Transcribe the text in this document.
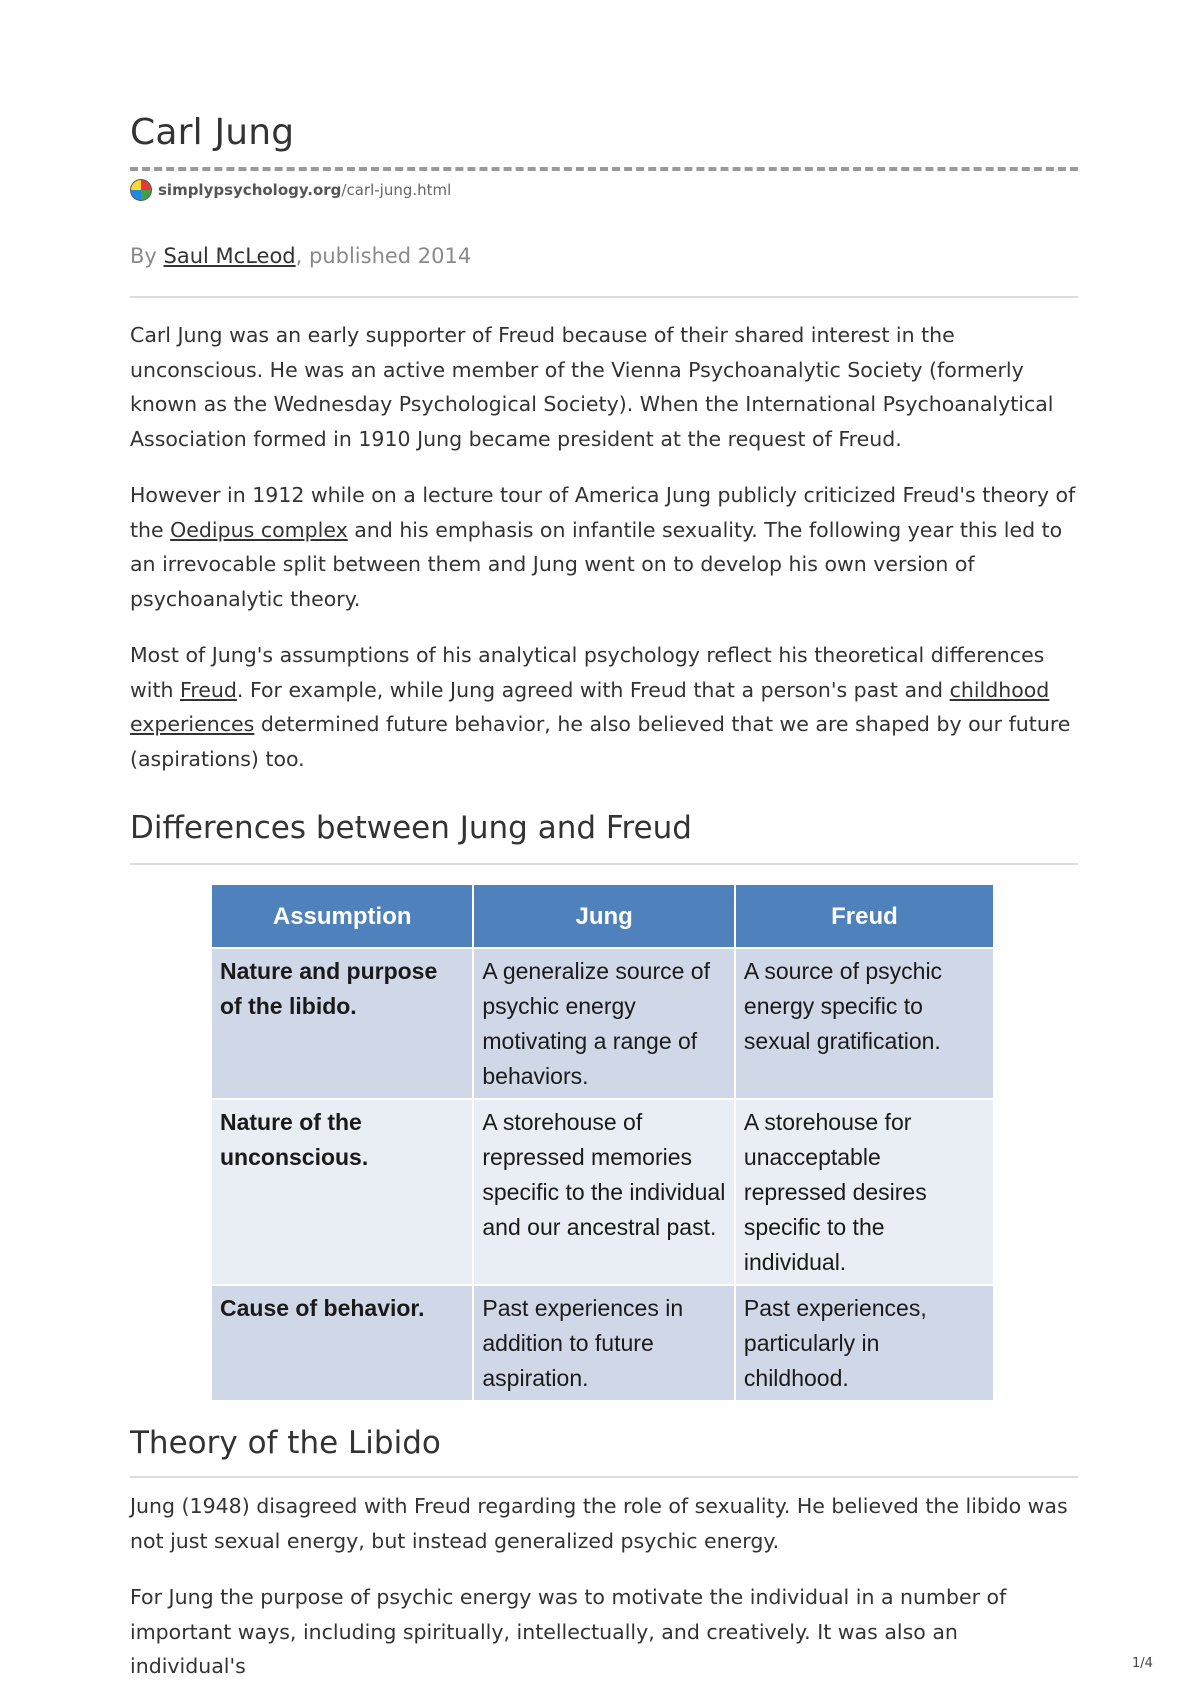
Carl Jung
simplypsychology.org /carl-jung.html
By Saul McLeod, published 2014

Carl Jung was an early supporter of Freud because of their shared interest in the unconscious. He was an active member of the Vienna Psychoanalytic Society (formerly known as the Wednesday Psychological Society). When the International Psychoanalytical Association formed in 1910 Jung became president at the request of Freud.

However in 1912 while on a lecture tour of America Jung publicly criticized Freud's theory of the Oedipus complex and his emphasis on infantile sexuality. The following year this led to an irrevocable split between them and Jung went on to develop his own version of psychoanalytic theory.

Most of Jung's assumptions of his analytical psychology reflect his theoretical differences with Freud. For example, while Jung agreed with Freud that a person's past and childhood experiences determined future behavior, he also believed that we are shaped by our future (aspirations) too.

Differences between Jung and Freud
Assumption	Jung	Freud
Nature and purpose of the libido.	A generalize source of psychic energy motivating a range of behaviors.	A source of psychic energy specific to sexual gratification.
Nature of the unconscious.	A storehouse of repressed memories specific to the individual and our ancestral past.	A storehouse for unacceptable repressed desires specific to the individual.
Cause of behavior.	Past experiences in addition to future aspiration.	Past experiences, particularly in childhood.
Theory of the Libido

Jung (1948) disagreed with Freud regarding the role of sexuality. He believed the libido was not just sexual energy, but instead generalized psychic energy.

For Jung the purpose of psychic energy was to motivate the individual in a number of important ways, including spiritually, intellectually, and creatively. It was also an individual's	1/4
